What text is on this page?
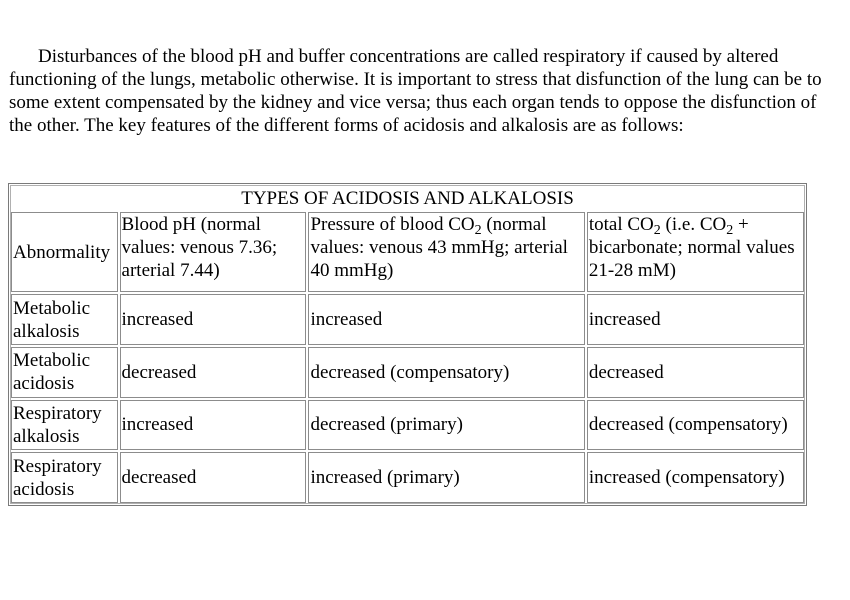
Disturbances of the blood pH and buffer concentrations are called respiratory if caused by altered functioning of the lungs, metabolic otherwise. It is important to stress that disfunction of the lung can be to some extent compensated by the kidney and vice versa; thus each organ tends to oppose the disfunction of the other. The key features of the different forms of acidosis and alkalosis are as follows:

TYPES OF ACIDOSIS AND ALKALOSIS			
Abnormality	Blood pH (normal values: venous 7.36; arterial 7.44)	Pressure of blood $CO_2$ (normal values: venous 43 mmHg; arterial 40 mmHg)	total $CO_2$ (i.e. $CO_2$ + bicarbonate; normal values 21-28 mM)
Metabolic alkalosis	increased	increased	increased
Metabolic acidosis	decreased	decreased (compensatory)	decreased
Respiratory alkalosis	increased	decreased (primary)	decreased (compensatory)
Respiratory acidosis	decreased	increased (primary)	increased (compensatory)
